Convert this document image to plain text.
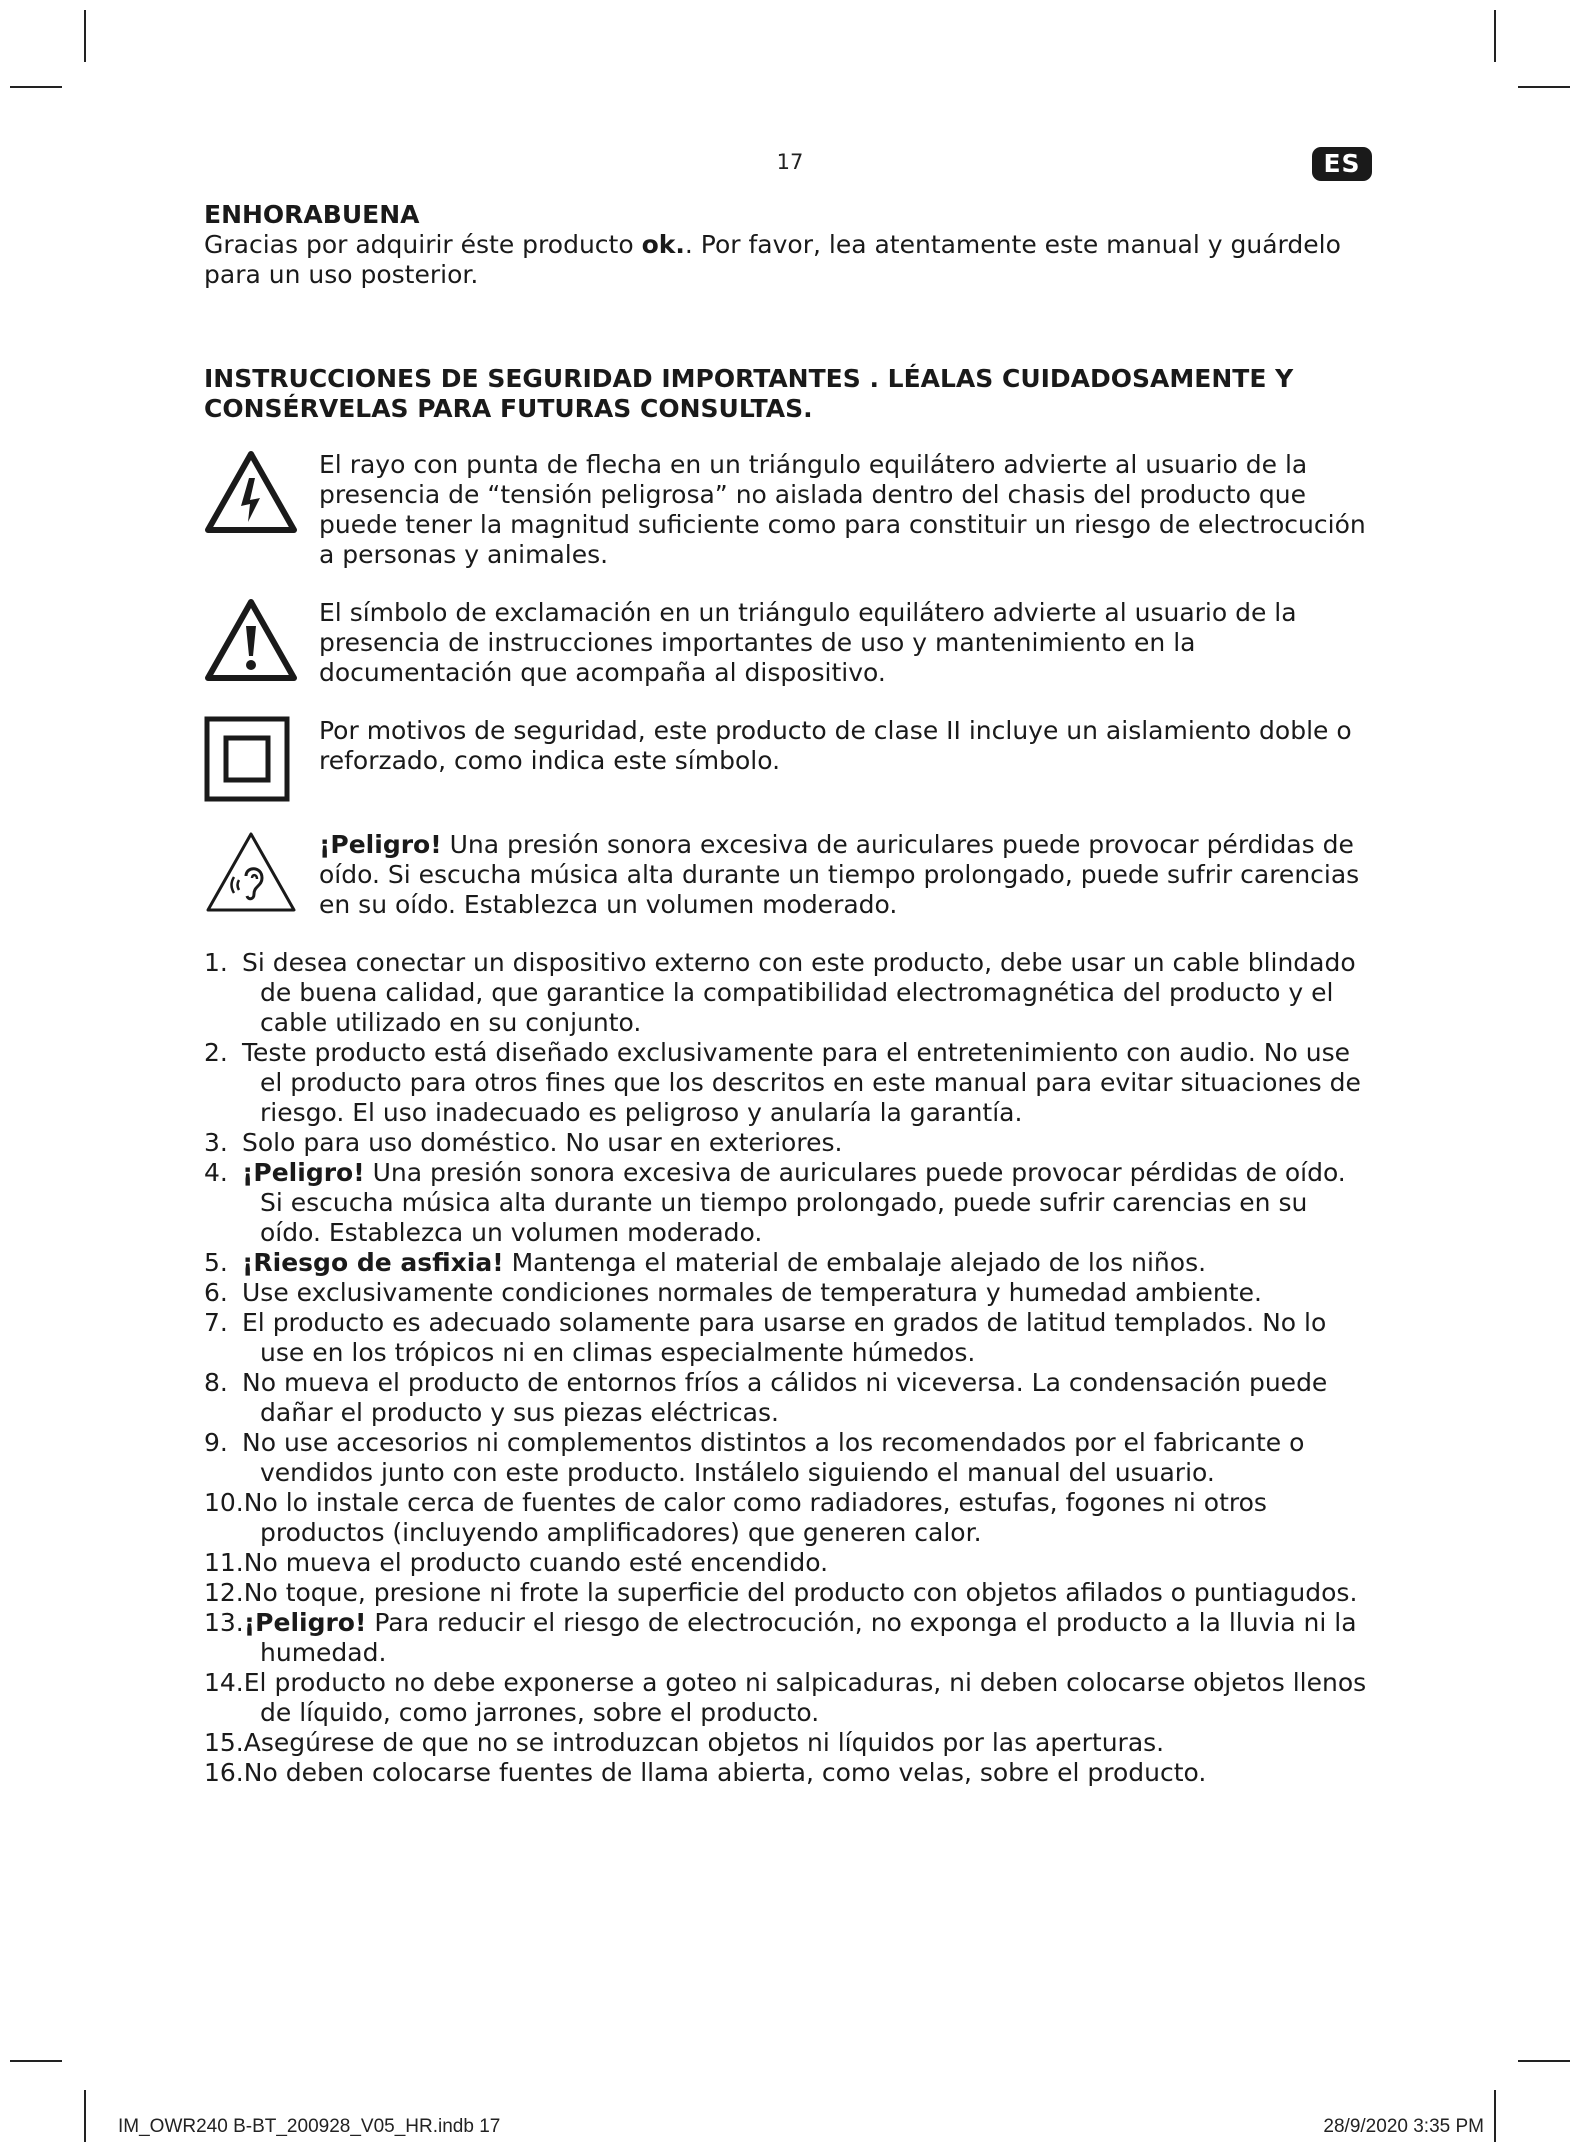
17	ES

ENHORABUENA

Gracias por adquirir éste producto ok.. Por favor, lea atentamente este manual y guárdelo para un uso posterior.

INSTRUCCIONES DE SEGURIDAD IMPORTANTES . LÉALAS CUIDADOSAMENTE Y CONSÉRVELAS PARA FUTURAS CONSULTAS.

El rayo con punta de flecha en un triángulo equilátero advierte al usuario de la presencia de “tensión peligrosa” no aislada dentro del chasis del producto que puede tener la magnitud suficiente como para constituir un riesgo de electrocución a personas y animales.
El símbolo de exclamación en un triángulo equilátero advierte al usuario de la presencia de instrucciones importantes de uso y mantenimiento en la documentación que acompaña al dispositivo.
Por motivos de seguridad, este producto de clase II incluye un aislamiento doble o reforzado, como indica este símbolo.
¡Peligro! Una presión sonora excesiva de auriculares puede provocar pérdidas de oído. Si escucha música alta durante un tiempo prolongado, puede sufrir carencias en su oído. Establezca un volumen moderado.
1. Si desea conectar un dispositivo externo con este producto, debe usar un cable blindado de buena calidad, que garantice la compatibilidad electromagnética del producto y el cable utilizado en su conjunto.
2. Teste producto está diseñado exclusivamente para el entretenimiento con audio. No use el producto para otros fines que los descritos en este manual para evitar situaciones de riesgo. El uso inadecuado es peligroso y anularía la garantía.
3. Solo para uso doméstico. No usar en exteriores.
4. ¡Peligro! Una presión sonora excesiva de auriculares puede provocar pérdidas de oído. Si escucha música alta durante un tiempo prolongado, puede sufrir carencias en su oído. Establezca un volumen moderado.
5. ¡Riesgo de asfixia! Mantenga el material de embalaje alejado de los niños.
6. Use exclusivamente condiciones normales de temperatura y humedad ambiente.
7. El producto es adecuado solamente para usarse en grados de latitud templados. No lo use en los trópicos ni en climas especialmente húmedos.
8. No mueva el producto de entornos fríos a cálidos ni viceversa. La condensación puede dañar el producto y sus piezas eléctricas.
9. No use accesorios ni complementos distintos a los recomendados por el fabricante o vendidos junto con este producto. Instálelo siguiendo el manual del usuario.
10.No lo instale cerca de fuentes de calor como radiadores, estufas, fogones ni otros productos (incluyendo amplificadores) que generen calor.
11.No mueva el producto cuando esté encendido.
12.No toque, presione ni frote la superficie del producto con objetos afilados o puntiagudos.
13.¡Peligro! Para reducir el riesgo de electrocución, no exponga el producto a la lluvia ni la humedad.
14.El producto no debe exponerse a goteo ni salpicaduras, ni deben colocarse objetos llenos de líquido, como jarrones, sobre el producto.
15.Asegúrese de que no se introduzcan objetos ni líquidos por las aperturas.
16.No deben colocarse fuentes de llama abierta, como velas, sobre el producto.
IM_OWR240 B-BT_200928_V05_HR.indb 17	28/9/2020 3:35 PM
